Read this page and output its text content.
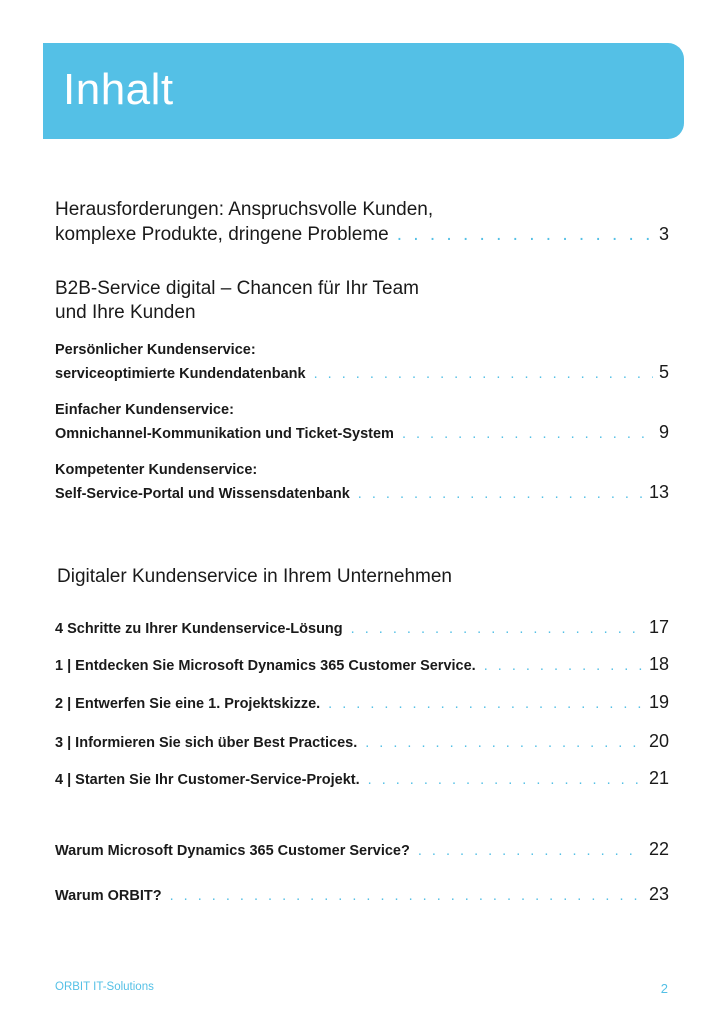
Inhalt
Herausforderungen: Anspruchsvolle Kunden,
komplexe Produkte, dringene Probleme . . .	3
B2B-Service digital – Chancen für Ihr Team
und Ihre Kunden
Persönlicher Kundenservice:
serviceoptimierte Kundendatenbank . . .	5
Einfacher Kundenservice:
Omnichannel-Kommunikation und Ticket-System . . .	9
Kompetenter Kundenservice:
Self-Service-Portal und Wissensdatenbank . . .	13
Digitaler Kundenservice in Ihrem Unternehmen
4 Schritte zu Ihrer Kundenservice-Lösung . . .	17
1 | Entdecken Sie Microsoft Dynamics 365 Customer Service. . . .	18
2 | Entwerfen Sie eine 1. Projektskizze. . . .	19
3 | Informieren Sie sich über Best Practices. . . .	20
4 | Starten Sie Ihr Customer-Service-Projekt. . . .	21
Warum Microsoft Dynamics 365 Customer Service? . . .	22
Warum ORBIT? . . .	23
ORBIT IT-Solutions	2
